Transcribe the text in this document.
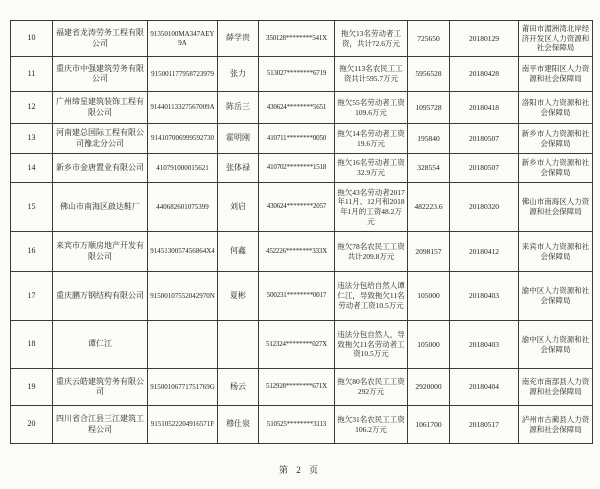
10	福建省龙涛劳务工程有限公司	91350100MA347AEY9A	薛学贵	350128********541X	拖欠13名劳动者工资，共计72.6万元	725650	20180129	莆田市湄洲湾北岸经济开发区人力资源和社会保障局
11	重庆市中强建筑劳务有限公司	915001177958723979	张力	513027********6719	拖欠113名农民工工资共计595.7万元	5956528	20180428	南平市建阳区人力资源和社会保障局
12	广州缔星建筑装饰工程有限公司	91440113327567009A	陈岳三	430624********5651	拖欠55名劳动者工资109.6万元	1095728	20180418	洛阳市人力资源和社会保障局
13	河南建总国际工程有限公司豫北分公司	914107006999592730	霍明刚	410711********0050	拖欠14名劳动者工资19.6万元	195840	20180507	新乡市人力资源和社会保障局
14	新乡市金唐置业有限公司	410791000015621	张体禄	410702********1518	拖欠16名劳动者工资32.9万元	328554	20180507	新乡市人力资源和社会保障局
15	佛山市南海区啟达鞋厂	440682601075399	刘启	430624********2057	拖欠43名劳动者2017年11月、12月和2018年1月的工资48.2万元	482223.6	20180320	佛山市南海区人力资源和社会保障局
16	来宾市万顺房地产开发有限公司	9145130057456864X4	何鑫	452226********333X	拖欠78名农民工工资共计209.8万元	2098157	20180412	来宾市人力资源和社会保障局
17	重庆鹏万钢结构有限公司	91500107552042970N	夏彬	500231********0017	违法分包给自然人谭仁江，导致拖欠11名劳动者工资10.5万元	105000	20180403	渝中区人力资源和社会保障局
18	谭仁江			512324********027X	违法分包自然人，导致拖欠11名劳动者工资10.5万元	105000	20180403	渝中区人力资源和社会保障局
19	重庆云皓建筑劳务有限公司	91500106771751769G	杨云	512928********671X	拖欠80名农民工工资292万元	2920000	20180404	南充市南部县人力资源和社会保障局
20	四川省合江县三江建筑工程公司	91510522204916571F	穆仕泉	510525********3113	拖欠31名农民工工资106.2万元	1061700	20180517	泸州市古蔺县人力资源和社会保障局
第 2 页
